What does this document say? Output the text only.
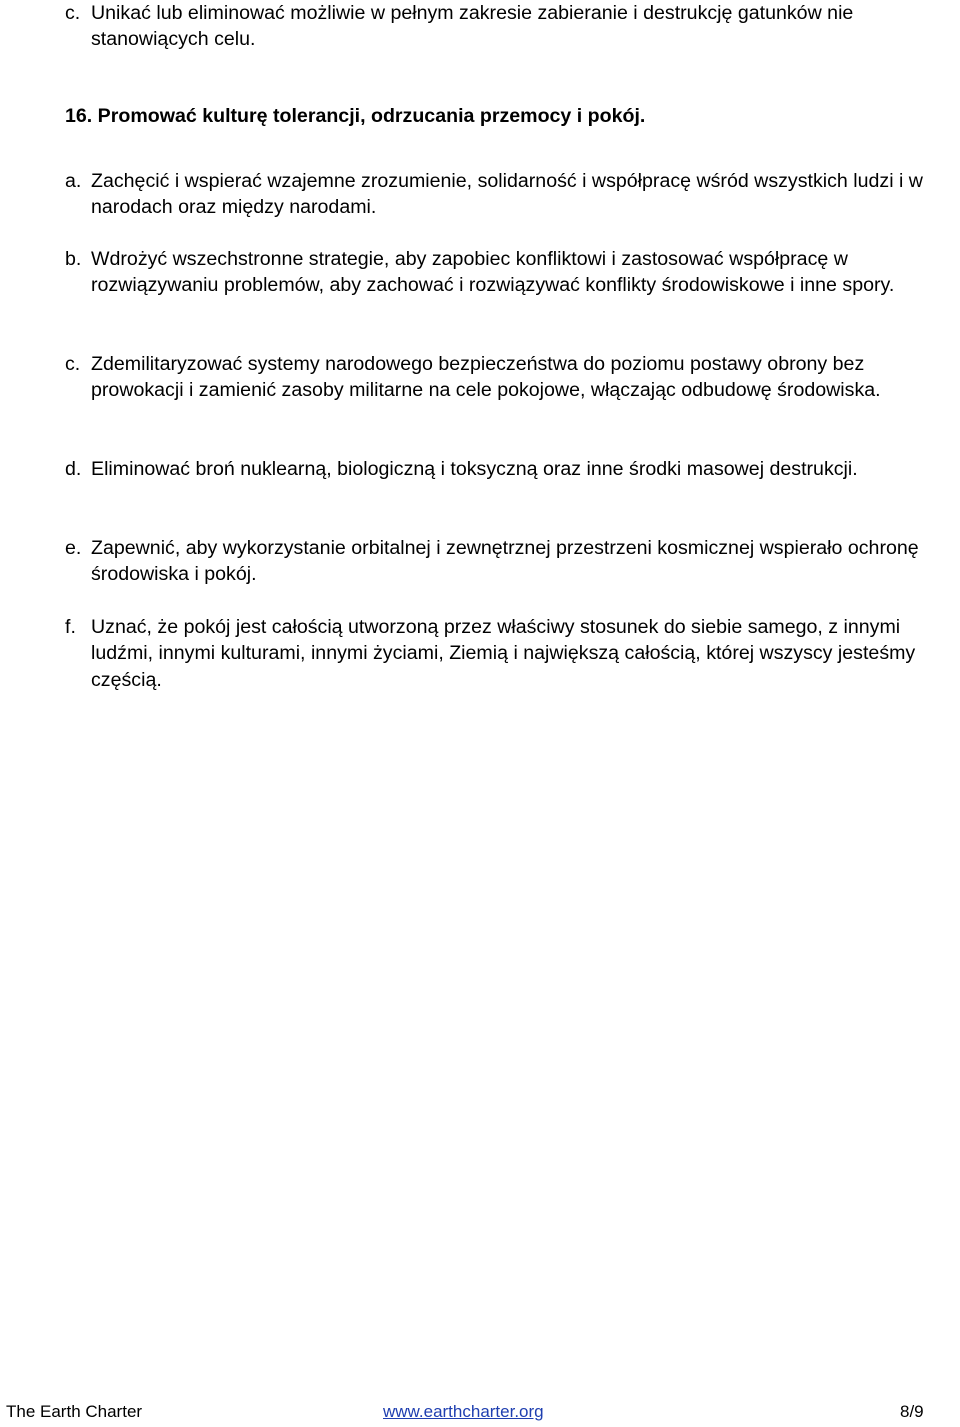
c. Unikać lub eliminować możliwie w pełnym zakresie zabieranie i destrukcję gatunków nie stanowiących celu.
16. Promować kulturę tolerancji, odrzucania przemocy i pokój.
a. Zachęcić i wspierać wzajemne zrozumienie, solidarność i współpracę wśród wszystkich ludzi i w narodach oraz między narodami.
b. Wdrożyć wszechstronne strategie, aby zapobiec konfliktowi i zastosować współpracę w rozwiązywaniu problemów, aby zachować i rozwiązywać konflikty środowiskowe i inne spory.
c. Zdemilitaryzować systemy narodowego bezpieczeństwa do poziomu postawy obrony bez prowokacji i zamienić zasoby militarne na cele pokojowe, włączając odbudowę środowiska.
d. Eliminować broń nuklearną, biologiczną i toksyczną oraz inne środki masowej destrukcji.
e. Zapewnić, aby wykorzystanie orbitalnej i zewnętrznej przestrzeni kosmicznej wspierało ochronę środowiska i pokój.
f. Uznać, że pokój jest całością utworzoną przez właściwy stosunek do siebie samego, z innymi ludźmi, innymi kulturami, innymi życiami, Ziemią i największą całością, której wszyscy jesteśmy częścią.
The Earth Charter	www.earthcharter.org	8/9
